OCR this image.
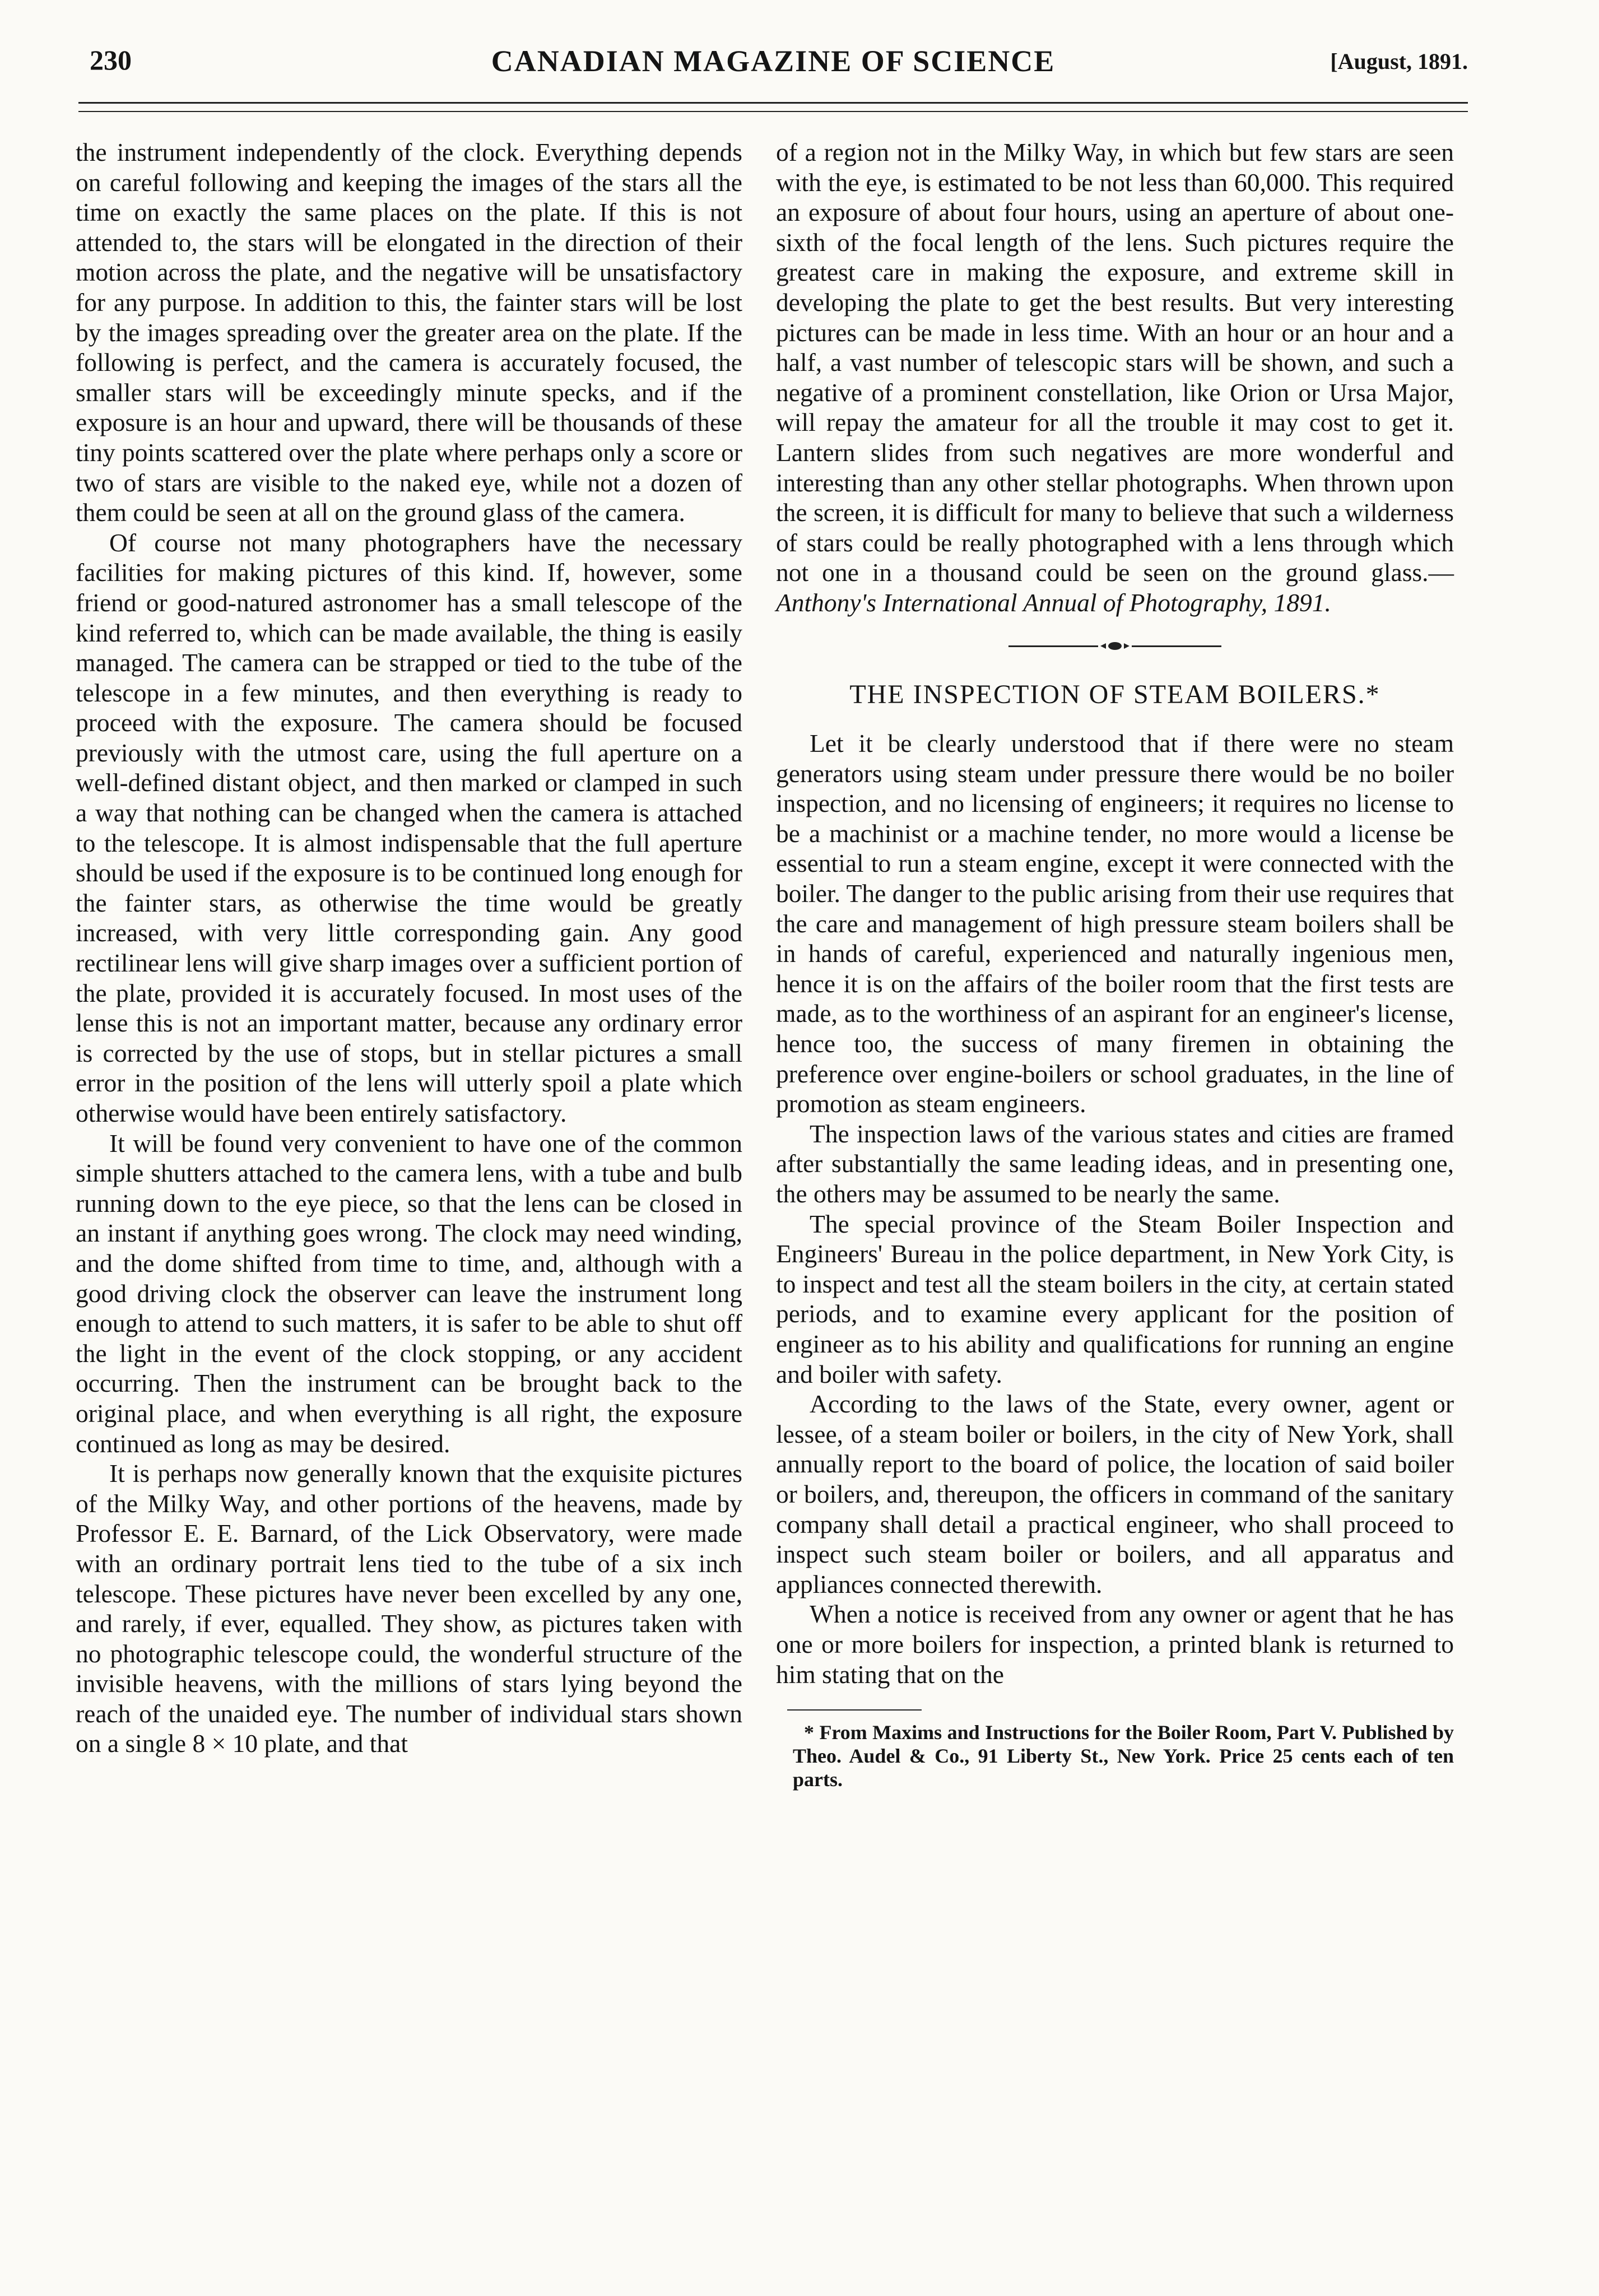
230	CANADIAN MAGAZINE OF SCIENCE	[August, 1891.

the instrument independently of the clock. Everything depends on careful following and keeping the images of the stars all the time on exactly the same places on the plate. If this is not attended to, the stars will be elongated in the direction of their motion across the plate, and the negative will be unsatisfactory for any purpose. In addition to this, the fainter stars will be lost by the images spreading over the greater area on the plate. If the following is perfect, and the camera is accurately focused, the smaller stars will be exceedingly minute specks, and if the exposure is an hour and upward, there will be thousands of these tiny points scattered over the plate where perhaps only a score or two of stars are visible to the naked eye, while not a dozen of them could be seen at all on the ground glass of the camera.

Of course not many photographers have the necessary facilities for making pictures of this kind. If, however, some friend or good-natured astronomer has a small telescope of the kind referred to, which can be made available, the thing is easily managed. The camera can be strapped or tied to the tube of the telescope in a few minutes, and then everything is ready to proceed with the exposure. The camera should be focused previously with the utmost care, using the full aperture on a well-defined distant object, and then marked or clamped in such a way that nothing can be changed when the camera is attached to the telescope. It is almost indispensable that the full aperture should be used if the exposure is to be continued long enough for the fainter stars, as otherwise the time would be greatly increased, with very little corresponding gain. Any good rectilinear lens will give sharp images over a sufficient portion of the plate, provided it is accurately focused. In most uses of the lense this is not an important matter, because any ordinary error is corrected by the use of stops, but in stellar pictures a small error in the position of the lens will utterly spoil a plate which otherwise would have been entirely satisfactory.

It will be found very convenient to have one of the common simple shutters attached to the camera lens, with a tube and bulb running down to the eye piece, so that the lens can be closed in an instant if anything goes wrong. The clock may need winding, and the dome shifted from time to time, and, although with a good driving clock the observer can leave the instrument long enough to attend to such matters, it is safer to be able to shut off the light in the event of the clock stopping, or any accident occurring. Then the instrument can be brought back to the original place, and when everything is all right, the exposure continued as long as may be desired.

It is perhaps now generally known that the exquisite pictures of the Milky Way, and other portions of the heavens, made by Professor E. E. Barnard, of the Lick Observatory, were made with an ordinary portrait lens tied to the tube of a six inch telescope. These pictures have never been excelled by any one, and rarely, if ever, equalled. They show, as pictures taken with no photographic telescope could, the wonderful structure of the invisible heavens, with the millions of stars lying beyond the reach of the unaided eye. The number of individual stars shown on a single 8 × 10 plate, and that

of a region not in the Milky Way, in which but few stars are seen with the eye, is estimated to be not less than 60,000. This required an exposure of about four hours, using an aperture of about one-sixth of the focal length of the lens. Such pictures require the greatest care in making the exposure, and extreme skill in developing the plate to get the best results. But very interesting pictures can be made in less time. With an hour or an hour and a half, a vast number of telescopic stars will be shown, and such a negative of a prominent constellation, like Orion or Ursa Major, will repay the amateur for all the trouble it may cost to get it. Lantern slides from such negatives are more wonderful and interesting than any other stellar photographs. When thrown upon the screen, it is difficult for many to believe that such a wilderness of stars could be really photographed with a lens through which not one in a thousand could be seen on the ground glass.— Anthony's International Annual of Photography, 1891.

THE INSPECTION OF STEAM BOILERS.*

Let it be clearly understood that if there were no steam generators using steam under pressure there would be no boiler inspection, and no licensing of engineers; it requires no license to be a machinist or a machine tender, no more would a license be essential to run a steam engine, except it were connected with the boiler. The danger to the public arising from their use requires that the care and management of high pressure steam boilers shall be in hands of careful, experienced and naturally ingenious men, hence it is on the affairs of the boiler room that the first tests are made, as to the worthiness of an aspirant for an engineer's license, hence too, the success of many firemen in obtaining the preference over engine-boilers or school graduates, in the line of promotion as steam engineers.

The inspection laws of the various states and cities are framed after substantially the same leading ideas, and in presenting one, the others may be assumed to be nearly the same.

The special province of the Steam Boiler Inspection and Engineers' Bureau in the police department, in New York City, is to inspect and test all the steam boilers in the city, at certain stated periods, and to examine every applicant for the position of engineer as to his ability and qualifications for running an engine and boiler with safety.

According to the laws of the State, every owner, agent or lessee, of a steam boiler or boilers, in the city of New York, shall annually report to the board of police, the location of said boiler or boilers, and, thereupon, the officers in command of the sanitary company shall detail a practical engineer, who shall proceed to inspect such steam boiler or boilers, and all apparatus and appliances connected therewith.

When a notice is received from any owner or agent that he has one or more boilers for inspection, a printed blank is returned to him stating that on the

* From Maxims and Instructions for the Boiler Room, Part V. Published by Theo. Audel & Co., 91 Liberty St., New York. Price 25 cents each of ten parts.
